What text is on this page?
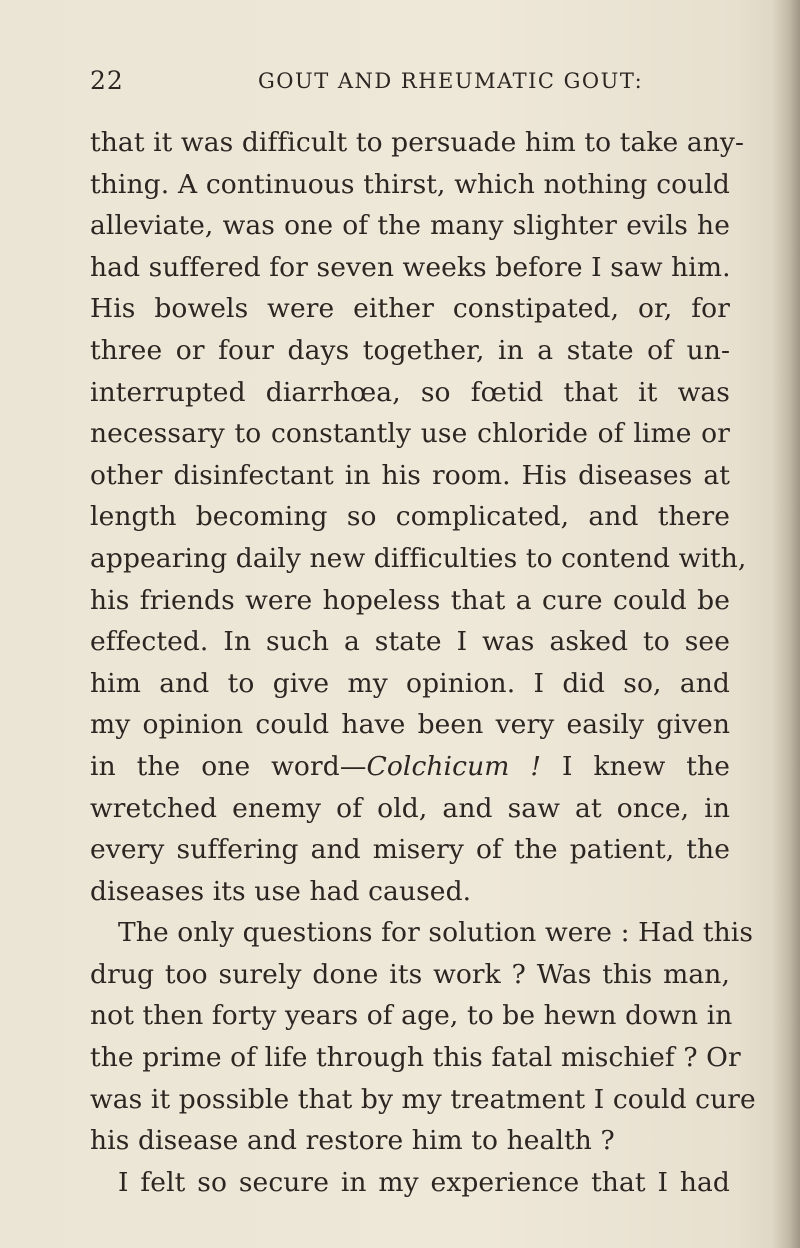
22	GOUT AND RHEUMATIC GOUT:
that it was difficult to persuade him to take any-
thing. A continuous thirst, which nothing could
alleviate, was one of the many slighter evils he
had suffered for seven weeks before I saw him.
His bowels were either constipated, or, for
three or four days together, in a state of un-
interrupted diarrhœa, so fœtid that it was
necessary to constantly use chloride of lime or
other disinfectant in his room. His diseases at
length becoming so complicated, and there
appearing daily new difficulties to contend with,
his friends were hopeless that a cure could be
effected. In such a state I was asked to see
him and to give my opinion. I did so, and
my opinion could have been very easily given
in the one word—Colchicum ! I knew the
wretched enemy of old, and saw at once, in
every suffering and misery of the patient, the
diseases its use had caused.
The only questions for solution were : Had this
drug too surely done its work ? Was this man,
not then forty years of age, to be hewn down in
the prime of life through this fatal mischief ? Or
was it possible that by my treatment I could cure
his disease and restore him to health ?
I felt so secure in my experience that I had
